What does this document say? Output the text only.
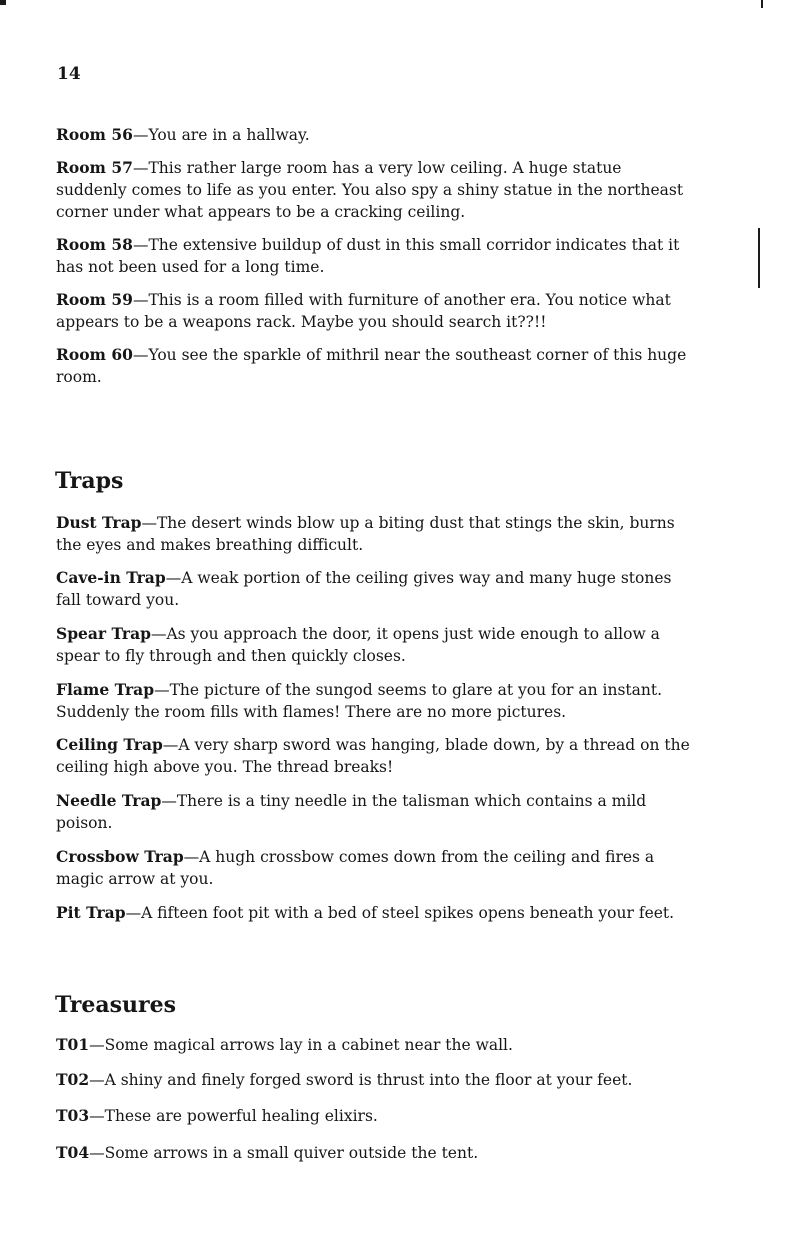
14

Room 56—You are in a hallway.

Room 57—This rather large room has a very low ceiling. A huge statue suddenly comes to life as you enter. You also spy a shiny statue in the northeast corner under what appears to be a cracking ceiling.

Room 58—The extensive buildup of dust in this small corridor indicates that it has not been used for a long time.

Room 59—This is a room filled with furniture of another era. You notice what appears to be a weapons rack. Maybe you should search it??!!

Room 60—You see the sparkle of mithril near the southeast corner of this huge room.

Traps

Dust Trap—The desert winds blow up a biting dust that stings the skin, burns the eyes and makes breathing difficult.

Cave-in Trap—A weak portion of the ceiling gives way and many huge stones fall toward you.

Spear Trap—As you approach the door, it opens just wide enough to allow a spear to fly through and then quickly closes.

Flame Trap—The picture of the sungod seems to glare at you for an instant. Suddenly the room fills with flames! There are no more pictures.

Ceiling Trap—A very sharp sword was hanging, blade down, by a thread on the ceiling high above you. The thread breaks!

Needle Trap—There is a tiny needle in the talisman which contains a mild poison.

Crossbow Trap—A hugh crossbow comes down from the ceiling and fires a magic arrow at you.

Pit Trap—A fifteen foot pit with a bed of steel spikes opens beneath your feet.

Treasures

T01—Some magical arrows lay in a cabinet near the wall.

T02—A shiny and finely forged sword is thrust into the floor at your feet.

T03—These are powerful healing elixirs.

T04—Some arrows in a small quiver outside the tent.
